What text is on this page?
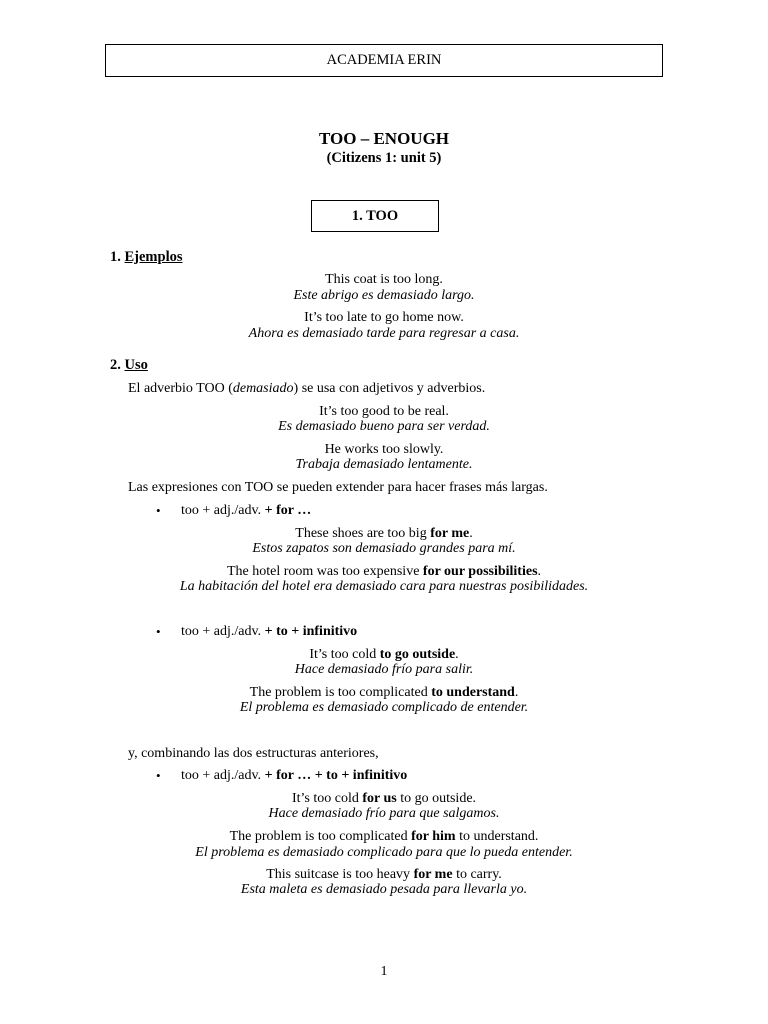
ACADEMIA ERIN
TOO – ENOUGH
(Citizens 1: unit 5)
1. TOO
1. Ejemplos
This coat is too long.
Este abrigo es demasiado largo.
It’s too late to go home now.
Ahora es demasiado tarde para regresar a casa.
2. Uso
El adverbio TOO (demasiado) se usa con adjetivos y adverbios.
It’s too good to be real.
Es demasiado bueno para ser verdad.
He works too slowly.
Trabaja demasiado lentamente.
Las expresiones con TOO se pueden extender para hacer frases más largas.
• too + adj./adv. + for …
These shoes are too big for me.
Estos zapatos son demasiado grandes para mí.
The hotel room was too expensive for our possibilities.
La habitación del hotel era demasiado cara para nuestras posibilidades.
• too + adj./adv. + to + infinitivo
It’s too cold to go outside.
Hace demasiado frío para salir.
The problem is too complicated to understand.
El problema es demasiado complicado de entender.
y, combinando las dos estructuras anteriores,
• too + adj./adv. + for … + to + infinitivo
It’s too cold for us to go outside.
Hace demasiado frío para que salgamos.
The problem is too complicated for him to understand.
El problema es demasiado complicado para que lo pueda entender.
This suitcase is too heavy for me to carry.
Esta maleta es demasiado pesada para llevarla yo.
1
